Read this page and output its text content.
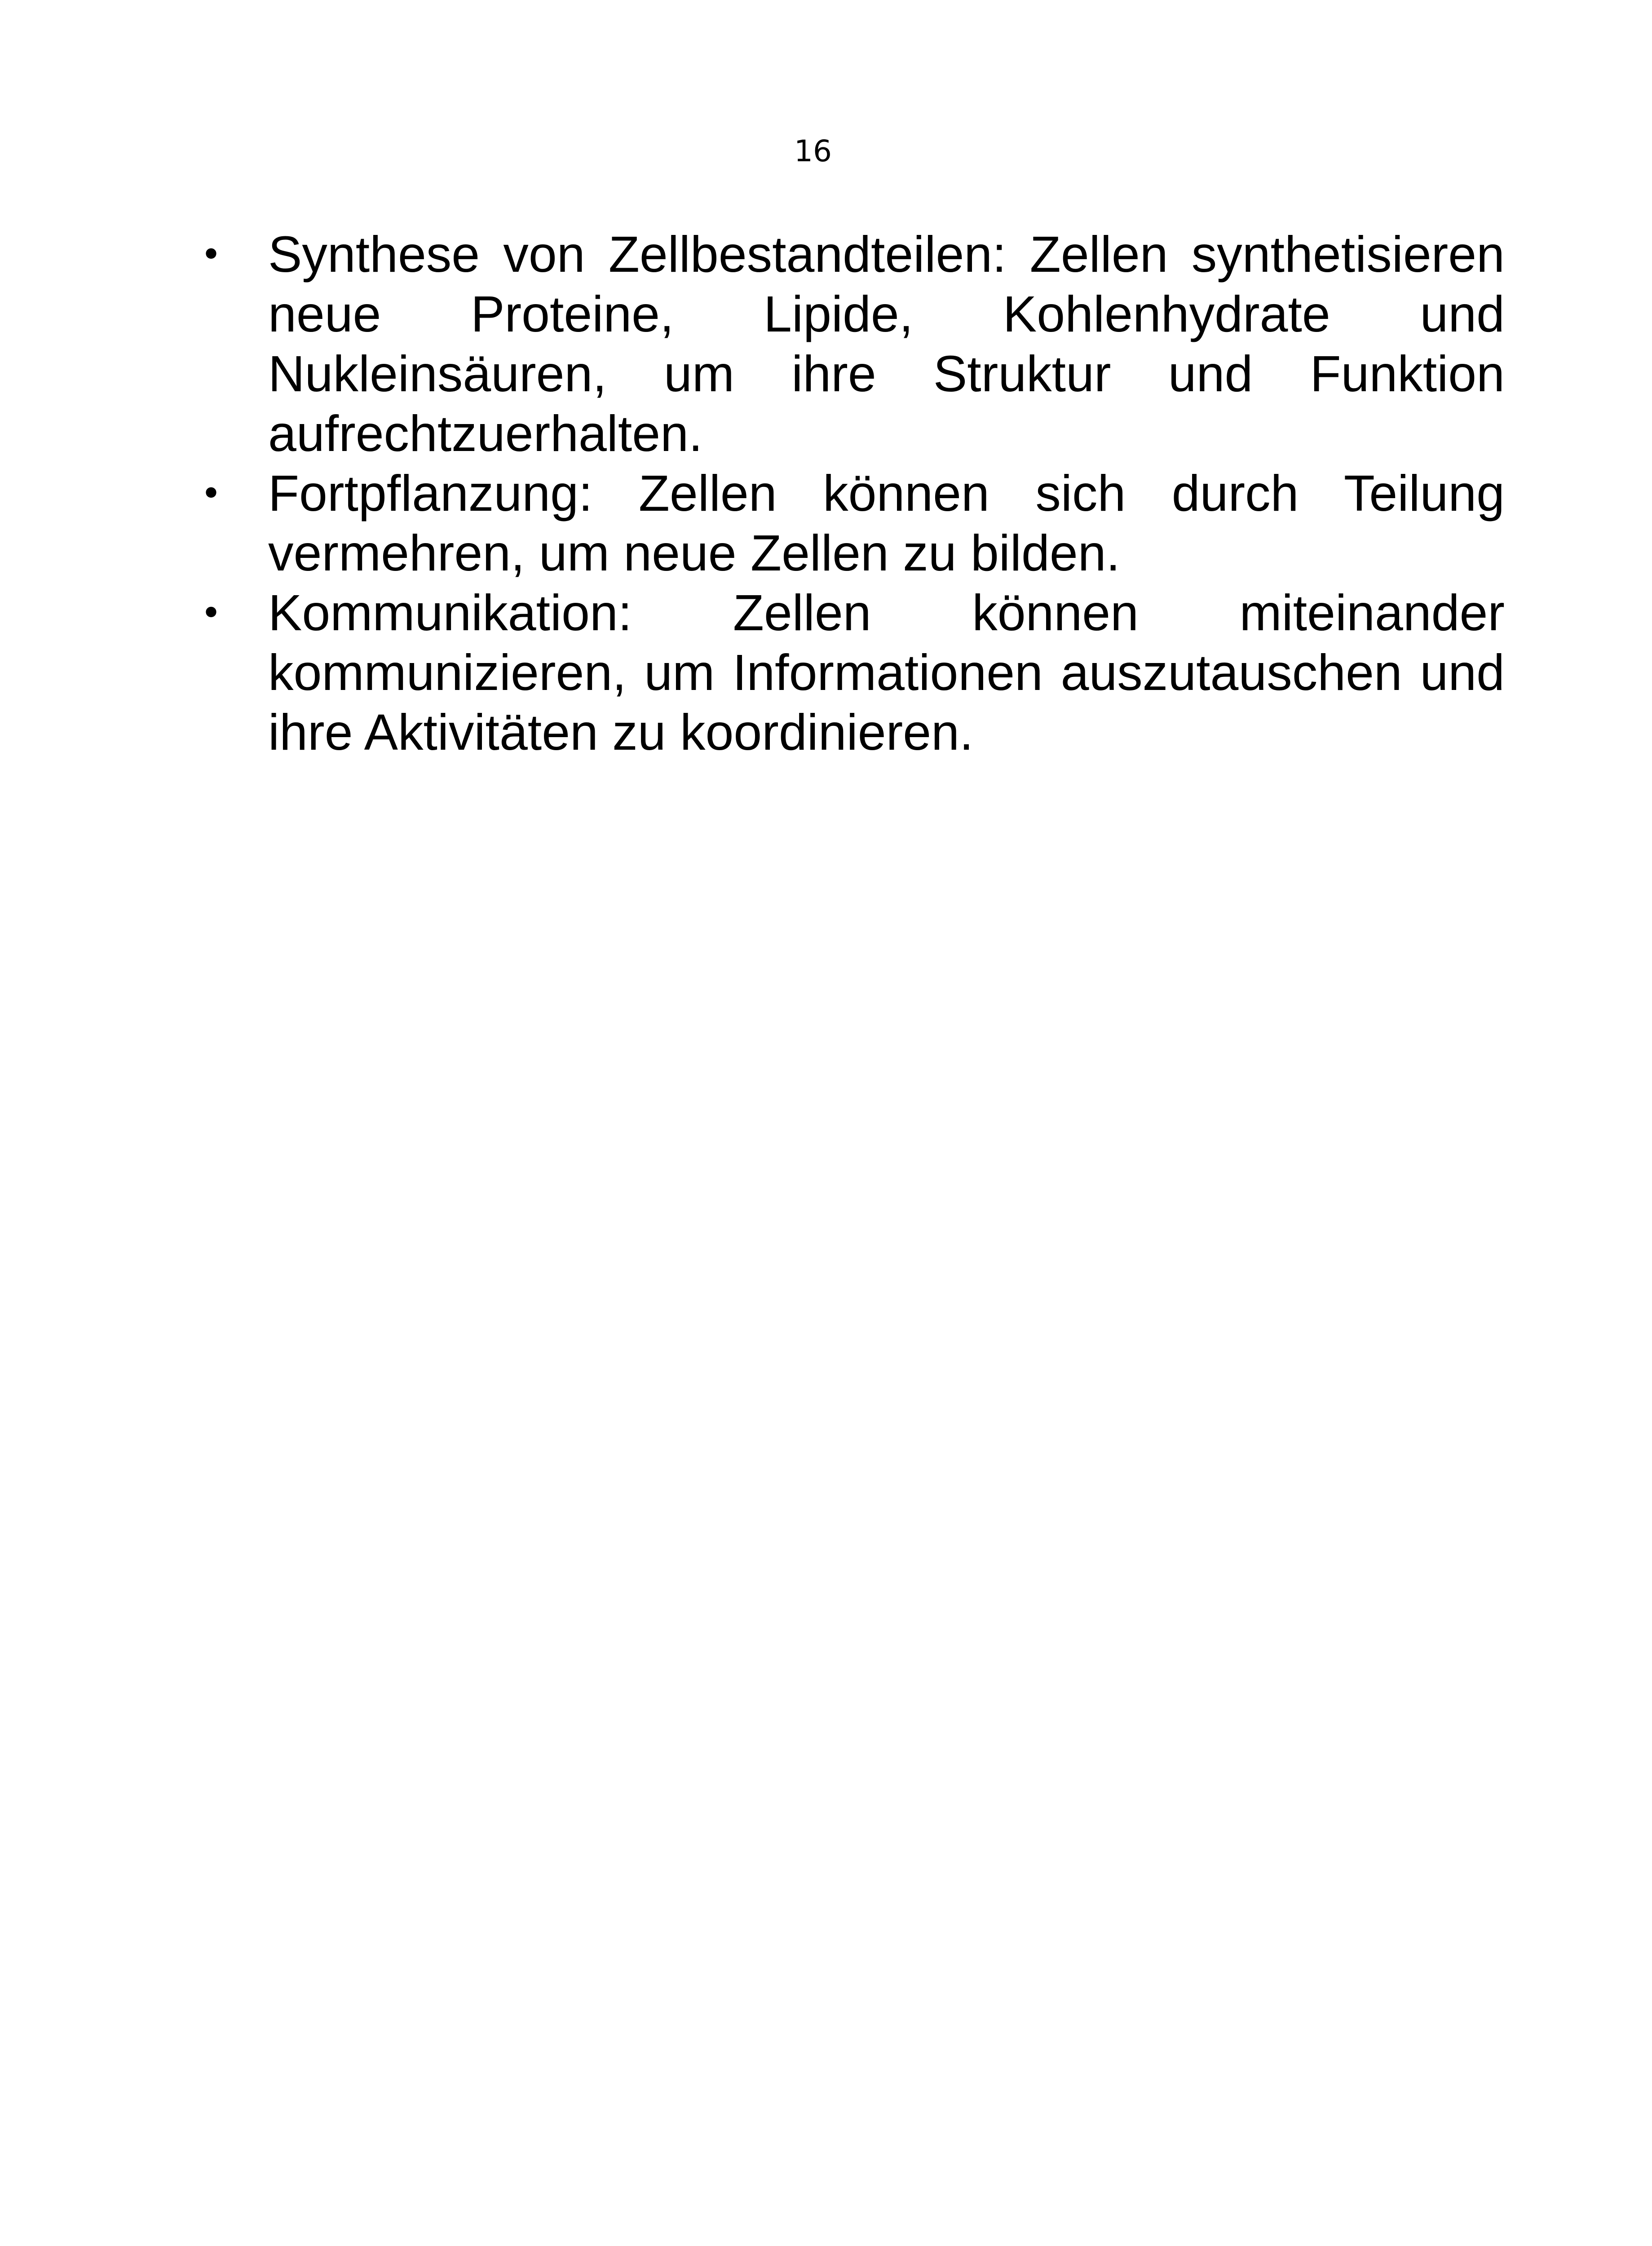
16
• Synthese von Zellbestandteilen: Zellen synthetisieren neue Proteine, Lipide, Kohlenhydrate und Nukleinsäuren, um ihre Struktur und Funktion aufrechtzuerhalten.
• Fortpflanzung: Zellen können sich durch Teilung vermehren, um neue Zellen zu bilden.
• Kommunikation: Zellen können miteinander kommunizieren, um Informationen auszutauschen und ihre Aktivitäten zu koordinieren.
